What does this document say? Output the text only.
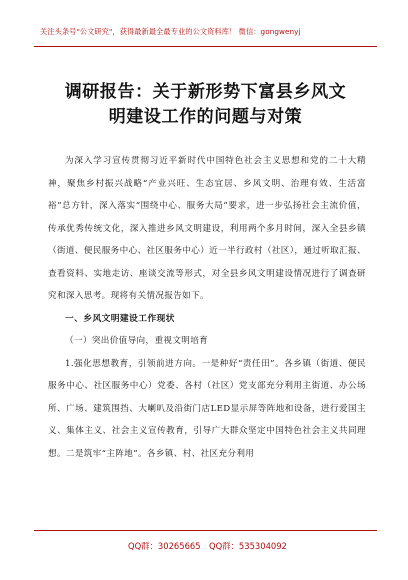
关注头条号"公文研究"，获得最新最全最专业的公文资料库！ 微信：gongwenyj
调研报告：关于新形势下富县乡风文
明建设工作的问题与对策

为深入学习宣传贯彻习近平新时代中国特色社会主义思想和党的二十大精神，聚焦乡村振兴战略“产业兴旺、生态宜居、乡风文明、治理有效、生活富裕”总方针，深入落实“围绕中心、服务大局”要求，进一步弘扬社会主流价值，传承优秀传统文化，深入推进乡风文明建设，利用两个多月时间，深入全县乡镇（街道、便民服务中心、社区服务中心）近一半行政村（社区），通过听取汇报、查看资料、实地走访、座谈交流等形式，对全县乡风文明建设情况进行了调查研究和深入思考。现将有关情况报告如下。

一、乡风文明建设工作现状

（一）突出价值导向，重视文明培育

1.强化思想教育，引领前进方向。一是种好“责任田”。各乡镇（街道、便民服务中心、社区服务中心）党委、各村（社区）党支部充分利用主街道、办公场所、广场、建筑围挡、大喇叭及沿街门店LED显示屏等阵地和设备，进行爱国主义、集体主义、社会主义宣传教育，引导广大群众坚定中国特色社会主义共同理想。二是筑牢“主阵地”。各乡镇、村、社区充分利用

QQ群：30265665 QQ群：535304092
